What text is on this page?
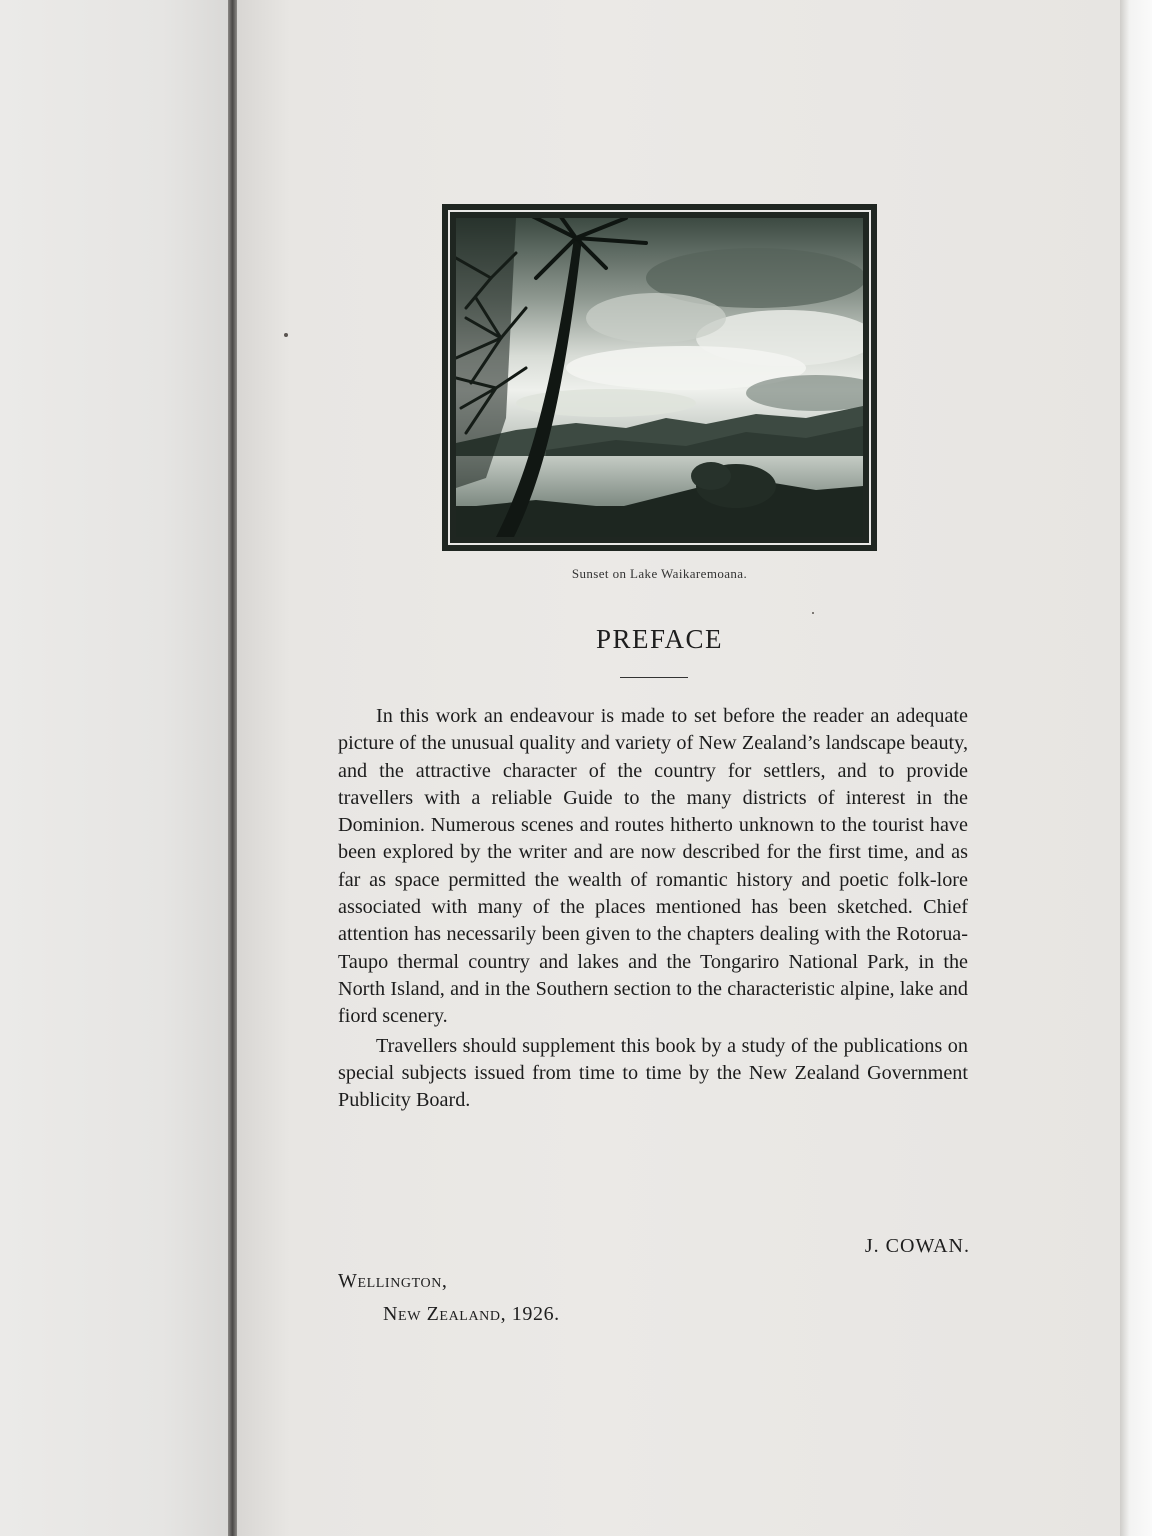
Sunset on Lake Waikaremoana.
PREFACE

In this work an endeavour is made to set before the reader an adequate picture of the unusual quality and variety of New Zealand’s landscape beauty, and the attractive character of the country for settlers, and to provide travellers with a reliable Guide to the many districts of interest in the Dominion. Numerous scenes and routes hitherto unknown to the tourist have been explored by the writer and are now described for the first time, and as far as space permitted the wealth of romantic history and poetic folk-lore associated with many of the places mentioned has been sketched. Chief attention has necessarily been given to the chapters dealing with the Rotorua-Taupo thermal country and lakes and the Tongariro National Park, in the North Island, and in the Southern section to the characteristic alpine, lake and fiord scenery.

Travellers should supplement this book by a study of the publications on special subjects issued from time to time by the New Zealand Government Publicity Board.

J. COWAN.
Wellington,
New Zealand, 1926.
